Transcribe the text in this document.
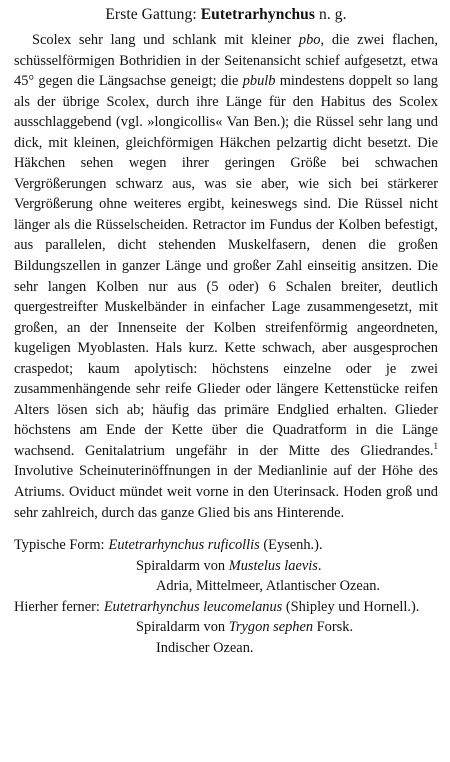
Erste Gattung: Eutetrarhynchus n. g.

Scolex sehr lang und schlank mit kleiner pbo, die zwei flachen, schüsselförmigen Bothridien in der Seitenansicht schief aufgesetzt, etwa 45° gegen die Längsachse geneigt; die pbulb mindestens doppelt so lang als der übrige Scolex, durch ihre Länge für den Habitus des Scolex ausschlaggebend (vgl. »longicollis« Van Ben.); die Rüssel sehr lang und dick, mit kleinen, gleichförmigen Häkchen pelzartig dicht besetzt. Die Häkchen sehen wegen ihrer geringen Größe bei schwachen Vergrößerungen schwarz aus, was sie aber, wie sich bei stärkerer Vergrößerung ohne weiteres ergibt, keineswegs sind. Die Rüssel nicht länger als die Rüsselscheiden. Retractor im Fundus der Kolben befestigt, aus parallelen, dicht stehenden Muskelfasern, denen die großen Bildungszellen in ganzer Länge und großer Zahl einseitig ansitzen. Die sehr langen Kolben nur aus (5 oder) 6 Schalen breiter, deutlich quergestreifter Muskelbänder in einfacher Lage zusammengesetzt, mit großen, an der Innenseite der Kolben streifenförmig angeordneten, kugeligen Myoblasten. Hals kurz. Kette schwach, aber ausgesprochen craspedot; kaum apolytisch: höchstens einzelne oder je zwei zusammenhängende sehr reife Glieder oder längere Kettenstücke reifen Alters lösen sich ab; häufig das primäre Endglied erhalten. Glieder höchstens am Ende der Kette über die Quadratform in die Länge wachsend. Genitalatrium ungefähr in der Mitte des Gliedrandes.$^1$ Involutive Scheinuterinöffnungen in der Medianlinie auf der Höhe des Atriums. Oviduct mündet weit vorne in den Uterinsack. Hoden groß und sehr zahlreich, durch das ganze Glied bis ans Hinterende.

Typische Form: Eutetrarhynchus ruficollis (Eysenh.).
Spiraldarm von Mustelus laevis.
Adria, Mittelmeer, Atlantischer Ozean.
Hierher ferner: Eutetrarhynchus leucomelanus (Shipley und Hornell.).
Spiraldarm von Trygon sephen Forsk.
Indischer Ozean.
